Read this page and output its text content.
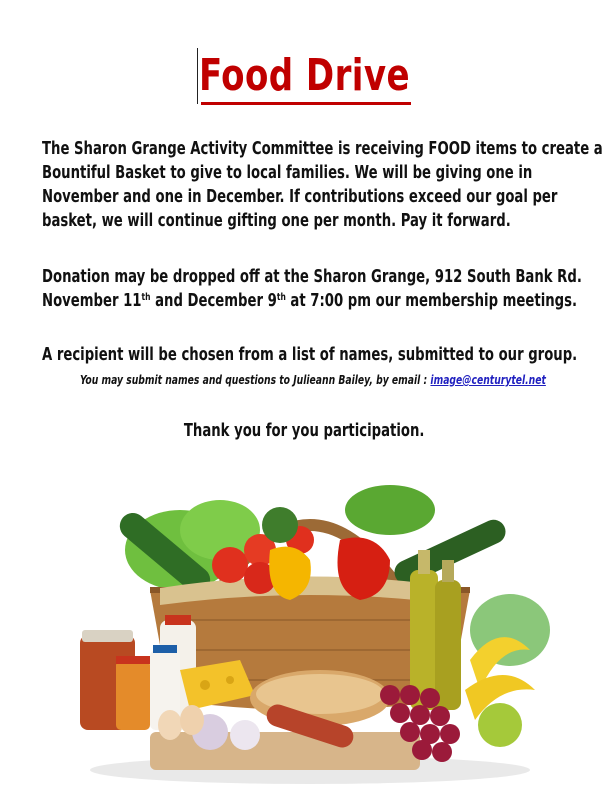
Food Drive
The Sharon Grange Activity Committee is receiving FOOD items to create a
Bountiful Basket to give to local families. We will be giving one in
November and one in December. If contributions exceed our goal per
basket, we will continue gifting one per month. Pay it forward.
Donation may be dropped off at the Sharon Grange, 912 South Bank Rd.
November 11th and December 9th at 7:00 pm our membership meetings.
A recipient will be chosen from a list of names, submitted to our group.
You may submit names and questions to Julieann Bailey, by email : image@centurytel.net
Thank you for you participation.
